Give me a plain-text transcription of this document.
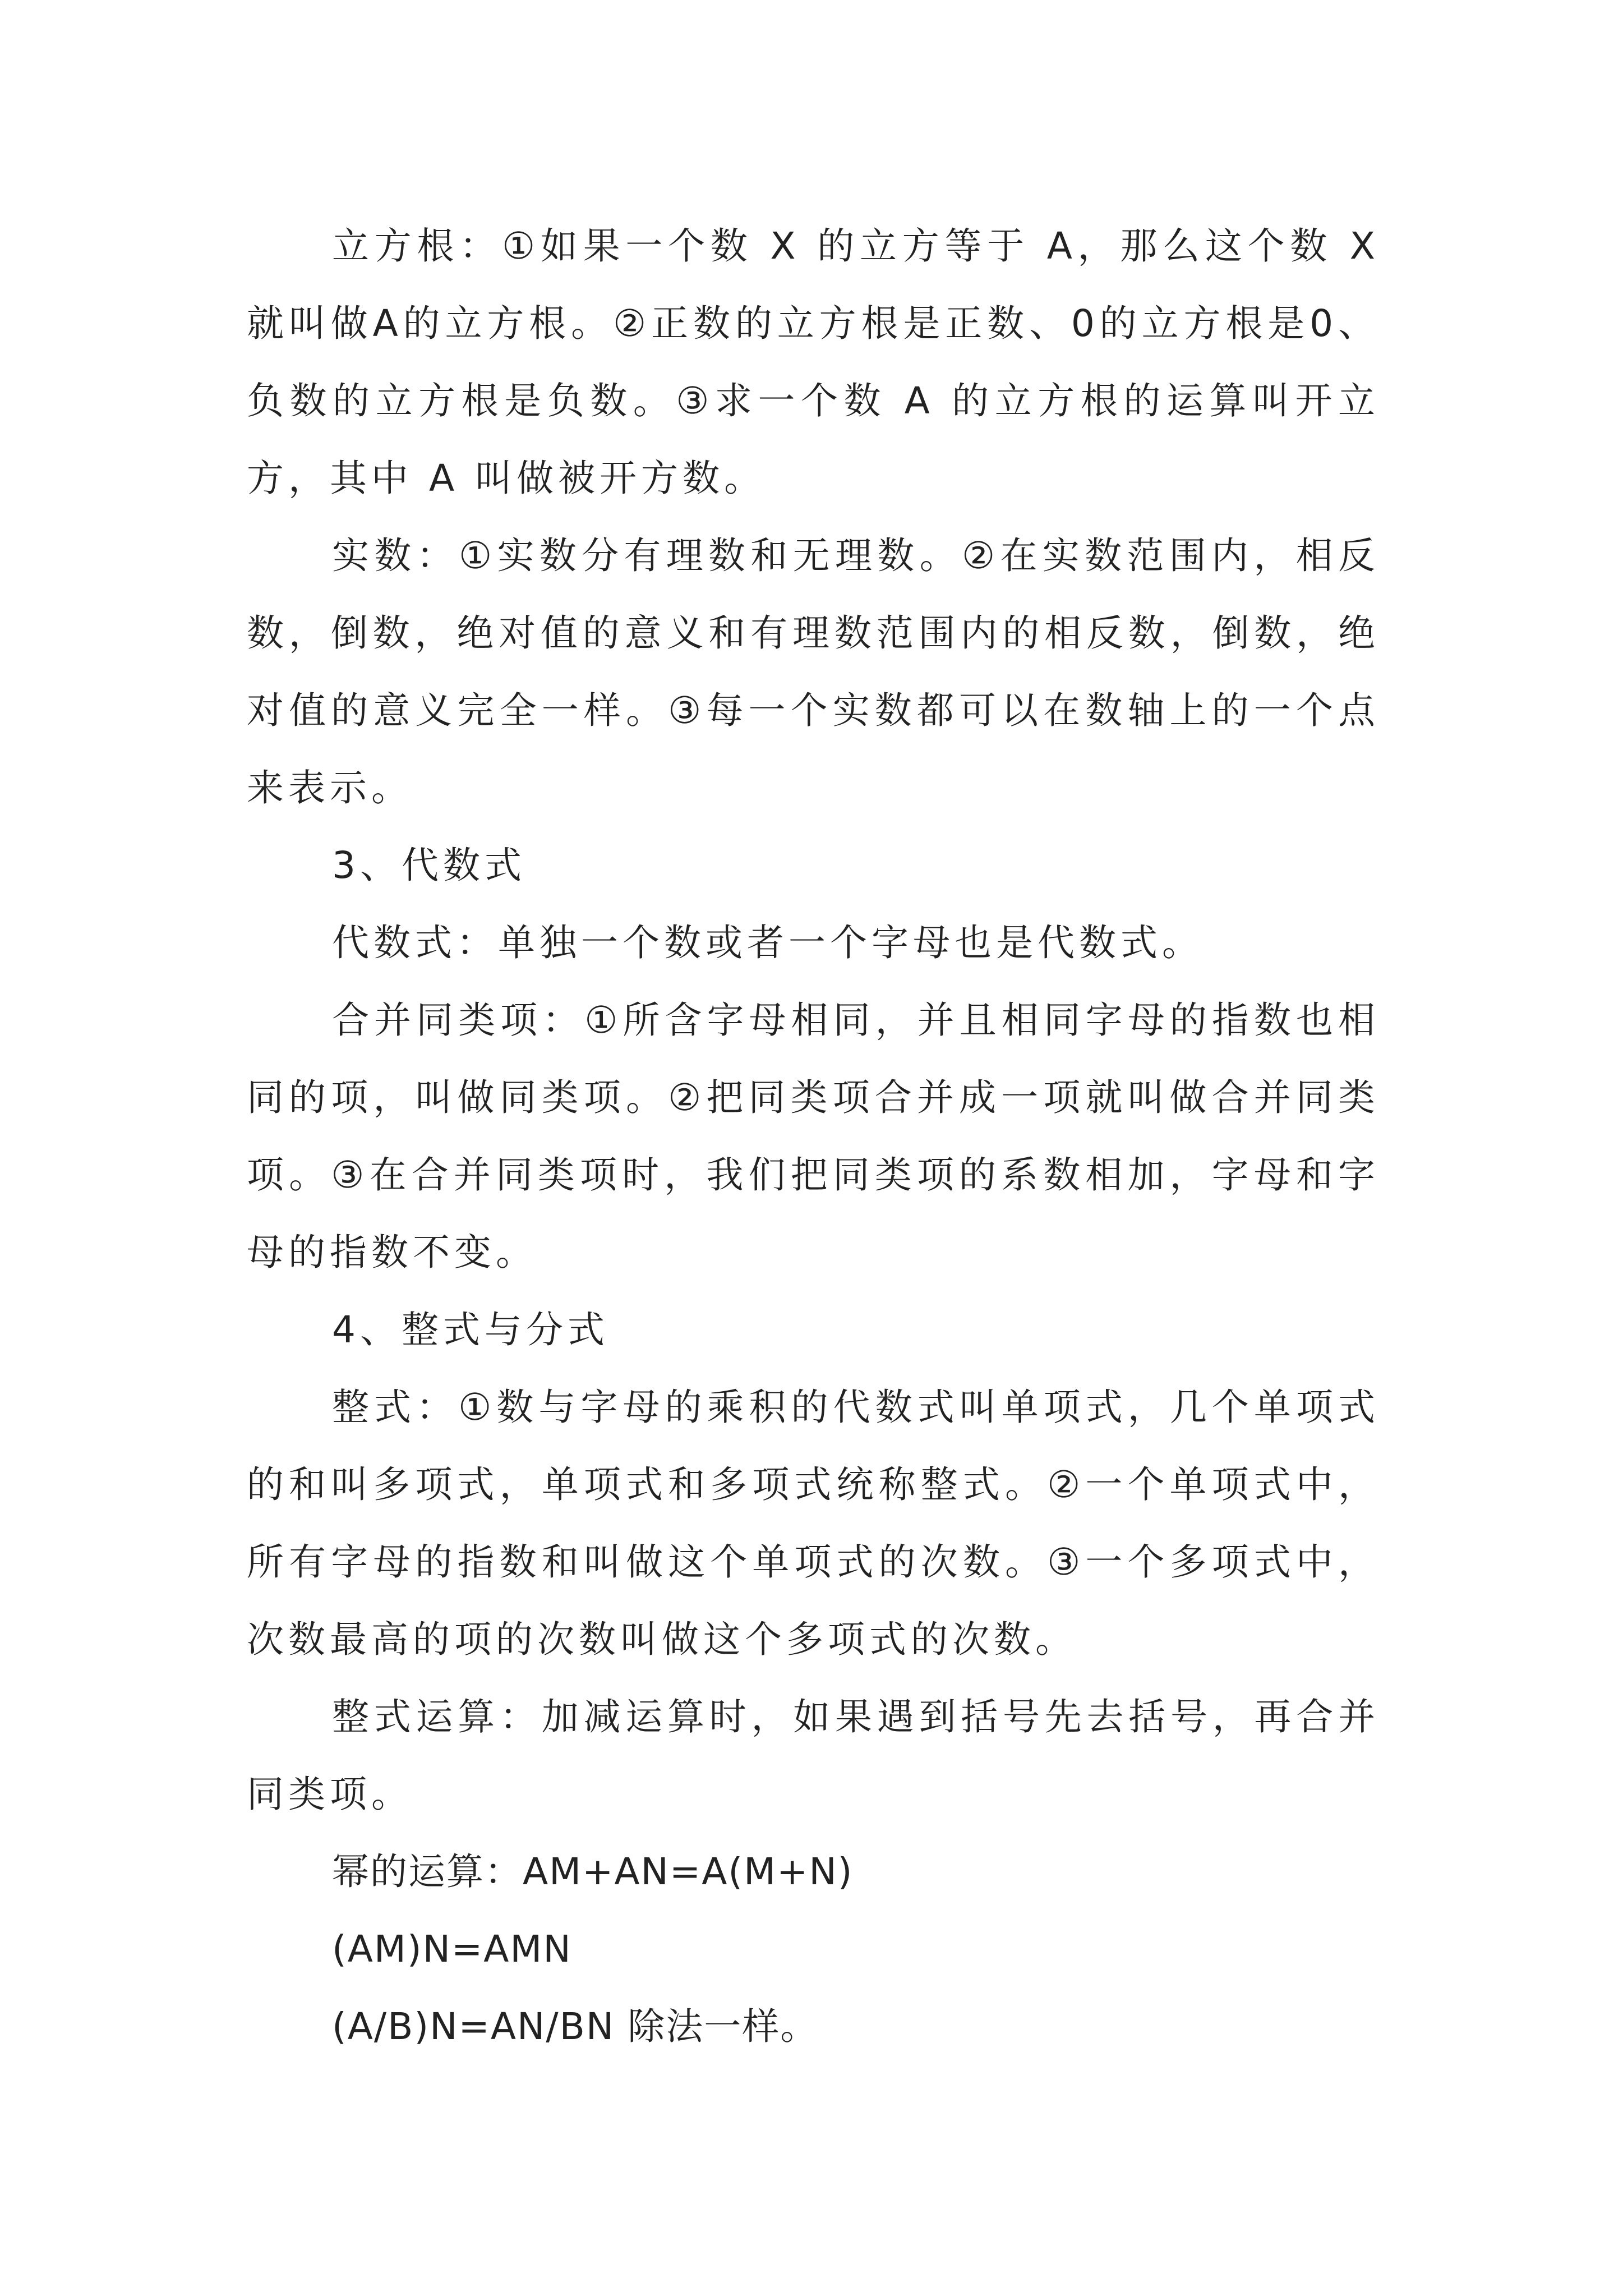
立方根：①如果一个数 X 的立方等于 A，那么这个数 X 就叫做A的立方根。②正数的立方根是正数、0的立方根是0、负数的立方根是负数。③求一个数 A 的立方根的运算叫开立方，其中 A 叫做被开方数。

实数：①实数分有理数和无理数。②在实数范围内，相反数，倒数，绝对值的意义和有理数范围内的相反数，倒数，绝对值的意义完全一样。③每一个实数都可以在数轴上的一个点来表示。

3、代数式

代数式：单独一个数或者一个字母也是代数式。

合并同类项：①所含字母相同，并且相同字母的指数也相同的项，叫做同类项。②把同类项合并成一项就叫做合并同类项。③在合并同类项时，我们把同类项的系数相加，字母和字母的指数不变。

4、整式与分式

整式：①数与字母的乘积的代数式叫单项式，几个单项式的和叫多项式，单项式和多项式统称整式。②一个单项式中，所有字母的指数和叫做这个单项式的次数。③一个多项式中，次数最高的项的次数叫做这个多项式的次数。

整式运算：加减运算时，如果遇到括号先去括号，再合并同类项。

幂的运算：AM+AN=A(M+N)

(AM)N=AMN

(A/B)N=AN/BN 除法一样。
